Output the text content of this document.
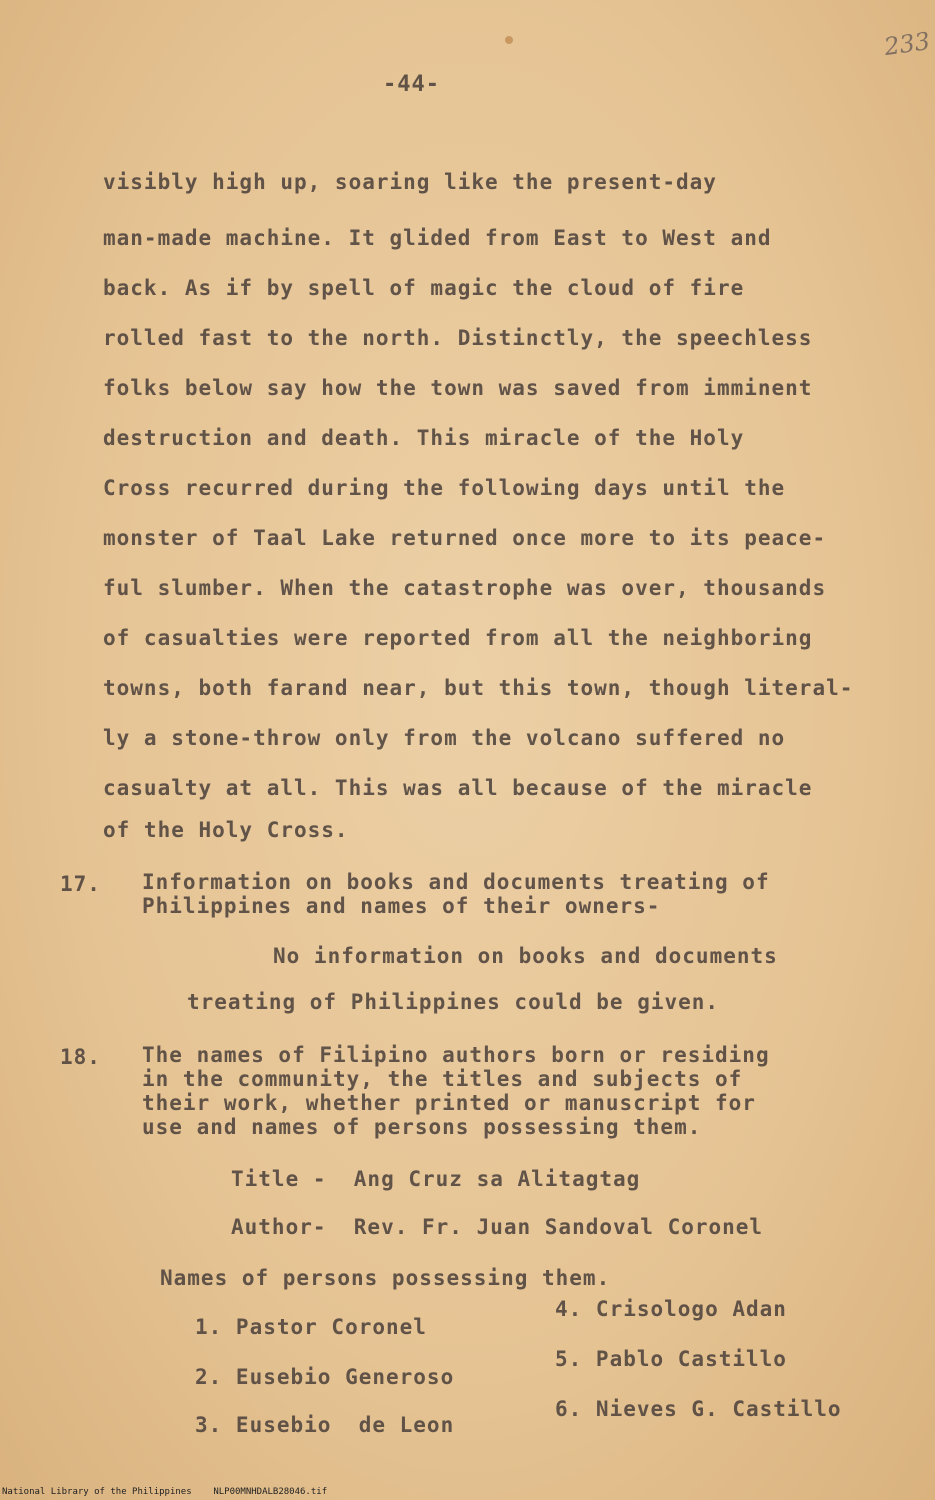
233
-44-
visibly high up, soaring like the present-day
man-made machine. It glided from East to West and
back. As if by spell of magic the cloud of fire
rolled fast to the north. Distinctly, the speechless
folks below say how the town was saved from imminent
destruction and death. This miracle of the Holy
Cross recurred during the following days until the
monster of Taal Lake returned once more to its peace-
ful slumber. When the catastrophe was over, thousands
of casualties were reported from all the neighboring
towns, both farand near, but this town, though literal-
ly a stone-throw only from the volcano suffered no
casualty at all. This was all because of the miracle
of the Holy Cross.
17. Information on books and documents treating of
Philippines and names of their owners-
No information on books and documents
treating of Philippines could be given.
18. The names of Filipino authors born or residing
in the community, the titles and subjects of
their work, whether printed or manuscript for
use and names of persons possessing them.
Title -  Ang Cruz sa Alitagtag
Author-  Rev. Fr. Juan Sandoval Coronel
Names of persons possessing them.
1. Pastor Coronel
2. Eusebio Generoso
3. Eusebio  de Leon
4. Crisologo Adan
5. Pablo Castillo
6. Nieves G. Castillo
National Library of the Philippines    NLP00MNHDALB28046.tif
